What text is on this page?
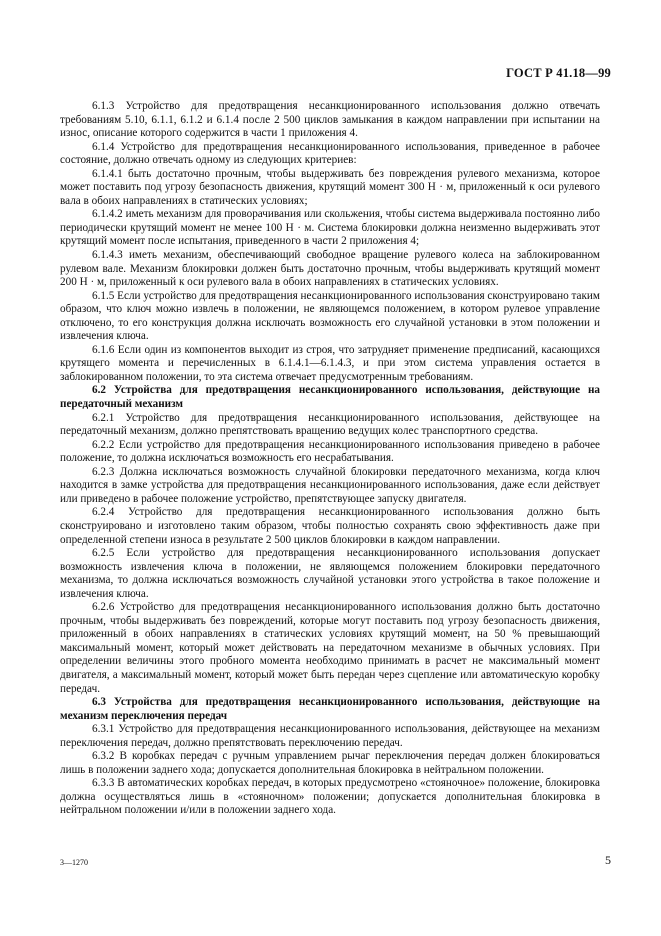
ГОСТ Р 41.18—99

6.1.3 Устройство для предотвращения несанкционированного использования должно отвечать требованиям 5.10, 6.1.1, 6.1.2 и 6.1.4 после 2 500 циклов замыкания в каждом направлении при испытании на износ, описание которого содержится в части 1 приложения 4.

6.1.4 Устройство для предотвращения несанкционированного использования, приведенное в рабочее состояние, должно отвечать одному из следующих критериев:

6.1.4.1 быть достаточно прочным, чтобы выдерживать без повреждения рулевого механизма, которое может поставить под угрозу безопасность движения, крутящий момент 300 Н · м, приложенный к оси рулевого вала в обоих направлениях в статических условиях;

6.1.4.2 иметь механизм для проворачивания или скольжения, чтобы система выдерживала постоянно либо периодически крутящий момент не менее 100 Н · м. Система блокировки должна неизменно выдерживать этот крутящий момент после испытания, приведенного в части 2 приложения 4;

6.1.4.3 иметь механизм, обеспечивающий свободное вращение рулевого колеса на заблокированном рулевом вале. Механизм блокировки должен быть достаточно прочным, чтобы выдерживать крутящий момент 200 Н · м, приложенный к оси рулевого вала в обоих направлениях в статических условиях.

6.1.5 Если устройство для предотвращения несанкционированного использования сконструировано таким образом, что ключ можно извлечь в положении, не являющемся положением, в котором рулевое управление отключено, то его конструкция должна исключать возможность его случайной установки в этом положении и извлечения ключа.

6.1.6 Если один из компонентов выходит из строя, что затрудняет применение предписаний, касающихся крутящего момента и перечисленных в 6.1.4.1—6.1.4.3, и при этом система управления остается в заблокированном положении, то эта система отвечает предусмотренным требованиям.

6.2 Устройства для предотвращения несанкционированного использования, действующие на передаточный механизм

6.2.1 Устройство для предотвращения несанкционированного использования, действующее на передаточный механизм, должно препятствовать вращению ведущих колес транспортного средства.

6.2.2 Если устройство для предотвращения несанкционированного использования приведено в рабочее положение, то должна исключаться возможность его несрабатывания.

6.2.3 Должна исключаться возможность случайной блокировки передаточного механизма, когда ключ находится в замке устройства для предотвращения несанкционированного использования, даже если действует или приведено в рабочее положение устройство, препятствующее запуску двигателя.

6.2.4 Устройство для предотвращения несанкционированного использования должно быть сконструировано и изготовлено таким образом, чтобы полностью сохранять свою эффективность даже при определенной степени износа в результате 2 500 циклов блокировки в каждом направлении.

6.2.5 Если устройство для предотвращения несанкционированного использования допускает возможность извлечения ключа в положении, не являющемся положением блокировки передаточного механизма, то должна исключаться возможность случайной установки этого устройства в такое положение и извлечения ключа.

6.2.6 Устройство для предотвращения несанкционированного использования должно быть достаточно прочным, чтобы выдерживать без повреждений, которые могут поставить под угрозу безопасность движения, приложенный в обоих направлениях в статических условиях крутящий момент, на 50 % превышающий максимальный момент, который может действовать на передаточном механизме в обычных условиях. При определении величины этого пробного момента необходимо принимать в расчет не максимальный момент двигателя, а максимальный момент, который может быть передан через сцепление или автоматическую коробку передач.

6.3 Устройства для предотвращения несанкционированного использования, действующие на механизм переключения передач

6.3.1 Устройство для предотвращения несанкционированного использования, действующее на механизм переключения передач, должно препятствовать переключению передач.

6.3.2 В коробках передач с ручным управлением рычаг переключения передач должен блокироваться лишь в положении заднего хода; допускается дополнительная блокировка в нейтральном положении.

6.3.3 В автоматических коробках передач, в которых предусмотрено «стояночное» положение, блокировка должна осуществляться лишь в «стояночном» положении; допускается дополнительная блокировка в нейтральном положении и/или в положении заднего хода.

3—1270	5
